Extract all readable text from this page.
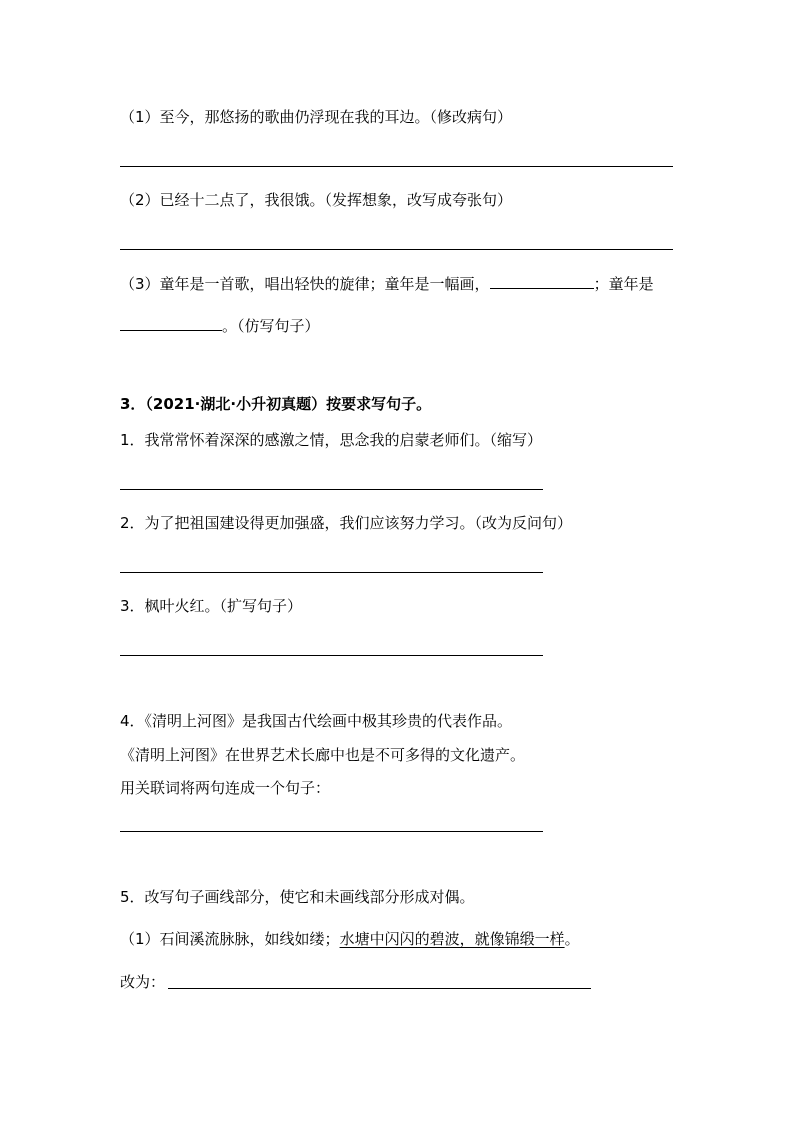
（1）至今，那悠扬的歌曲仍浮现在我的耳边。（修改病句）
（2）已经十二点了，我很饿。（发挥想象，改写成夸张句）
（3）童年是一首歌，唱出轻快的旋律；童年是一幅画，	；童年是
。（仿写句子）
3．（2021·湖北·小升初真题）按要求写句子。
1．我常常怀着深深的感激之情，思念我的启蒙老师们。（缩写）
2．为了把祖国建设得更加强盛，我们应该努力学习。（改为反问句）
3．枫叶火红。（扩写句子）
4．《清明上河图》是我国古代绘画中极其珍贵的代表作品。
《清明上河图》在世界艺术长廊中也是不可多得的文化遗产。
用关联词将两句连成一个句子：
5．改写句子画线部分，使它和未画线部分形成对偶。
（1）石间溪流脉脉，如线如缕；水塘中闪闪的碧波，就像锦缎一样。
改为：
